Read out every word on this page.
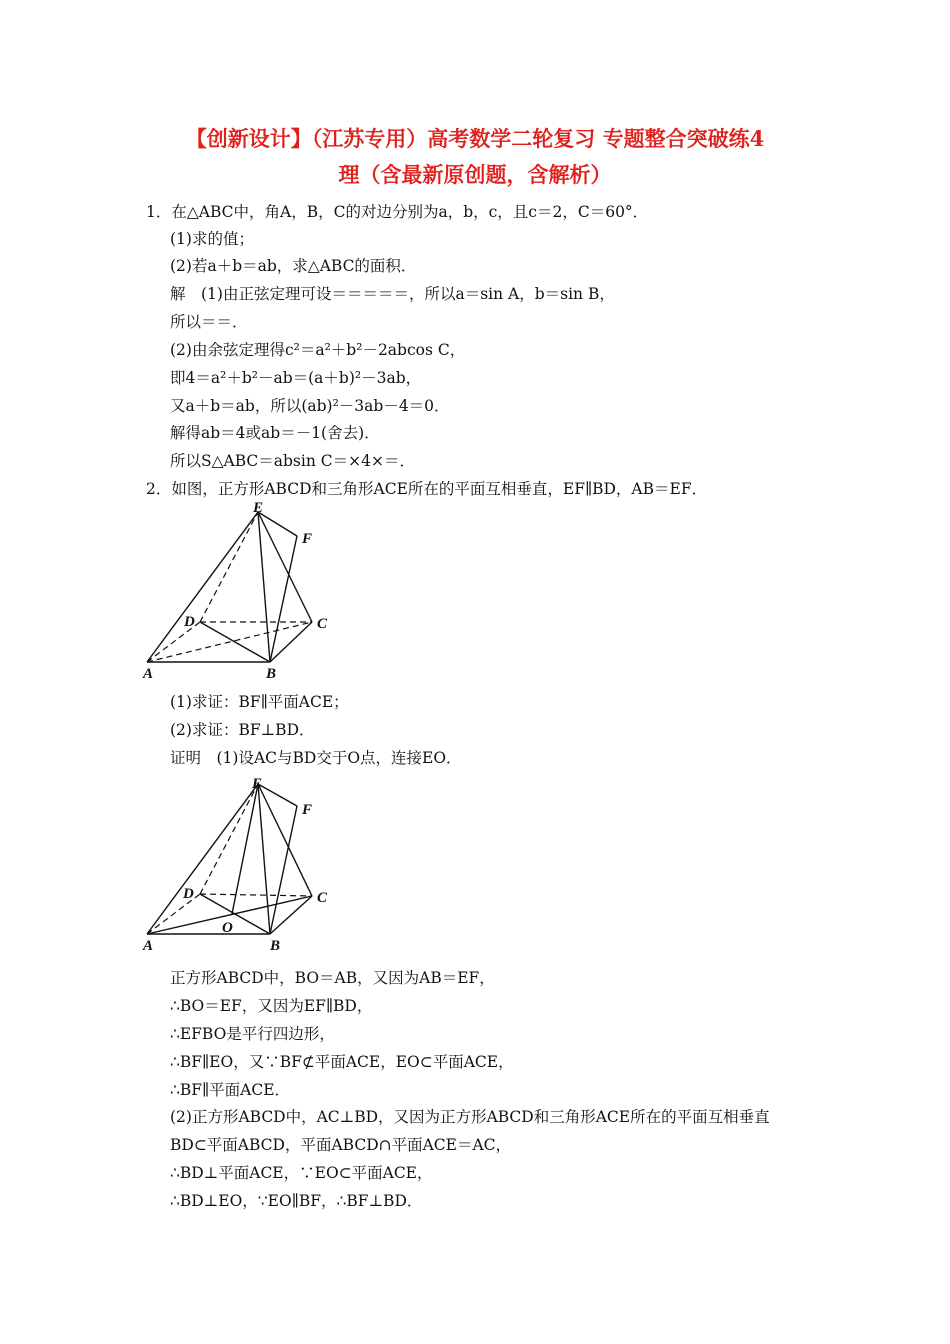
【创新设计】（江苏专用）高考数学二轮复习 专题整合突破练4
理（含最新原创题，含解析）
1．在△ABC中，角A，B，C的对边分别为a，b，c，且c＝2，C＝60°．
(1)求的值；
(2)若a＋b＝ab，求△ABC的面积．
解　(1)由正弦定理可设＝＝＝＝＝，所以a＝sin A，b＝sin B，
所以＝＝．
(2)由余弦定理得c²＝a²＋b²－2abcos C，
即4＝a²＋b²－ab＝(a＋b)²－3ab，
又a＋b＝ab，所以(ab)²－3ab－4＝0．
解得ab＝4或ab＝－1(舍去)．
所以S△ABC＝absin C＝×4×＝．
2．如图，正方形ABCD和三角形ACE所在的平面互相垂直，EF∥BD，AB＝EF．
E
F
D	C
A	B
(1)求证：BF∥平面ACE；
(2)求证：BF⊥BD．
证明　(1)设AC与BD交于O点，连接EO．
E
F
D	C
O
A	B
正方形ABCD中，BO＝AB，又因为AB＝EF，
∴BO＝EF，又因为EF∥BD，
∴EFBO是平行四边形，
∴BF∥EO，又∵BF⊄平面ACE，EO⊂平面ACE，
∴BF∥平面ACE．
(2)正方形ABCD中，AC⊥BD，又因为正方形ABCD和三角形ACE所在的平面互相垂直
BD⊂平面ABCD，平面ABCD∩平面ACE＝AC，
∴BD⊥平面ACE，∵EO⊂平面ACE，
∴BD⊥EO，∵EO∥BF，∴BF⊥BD．
